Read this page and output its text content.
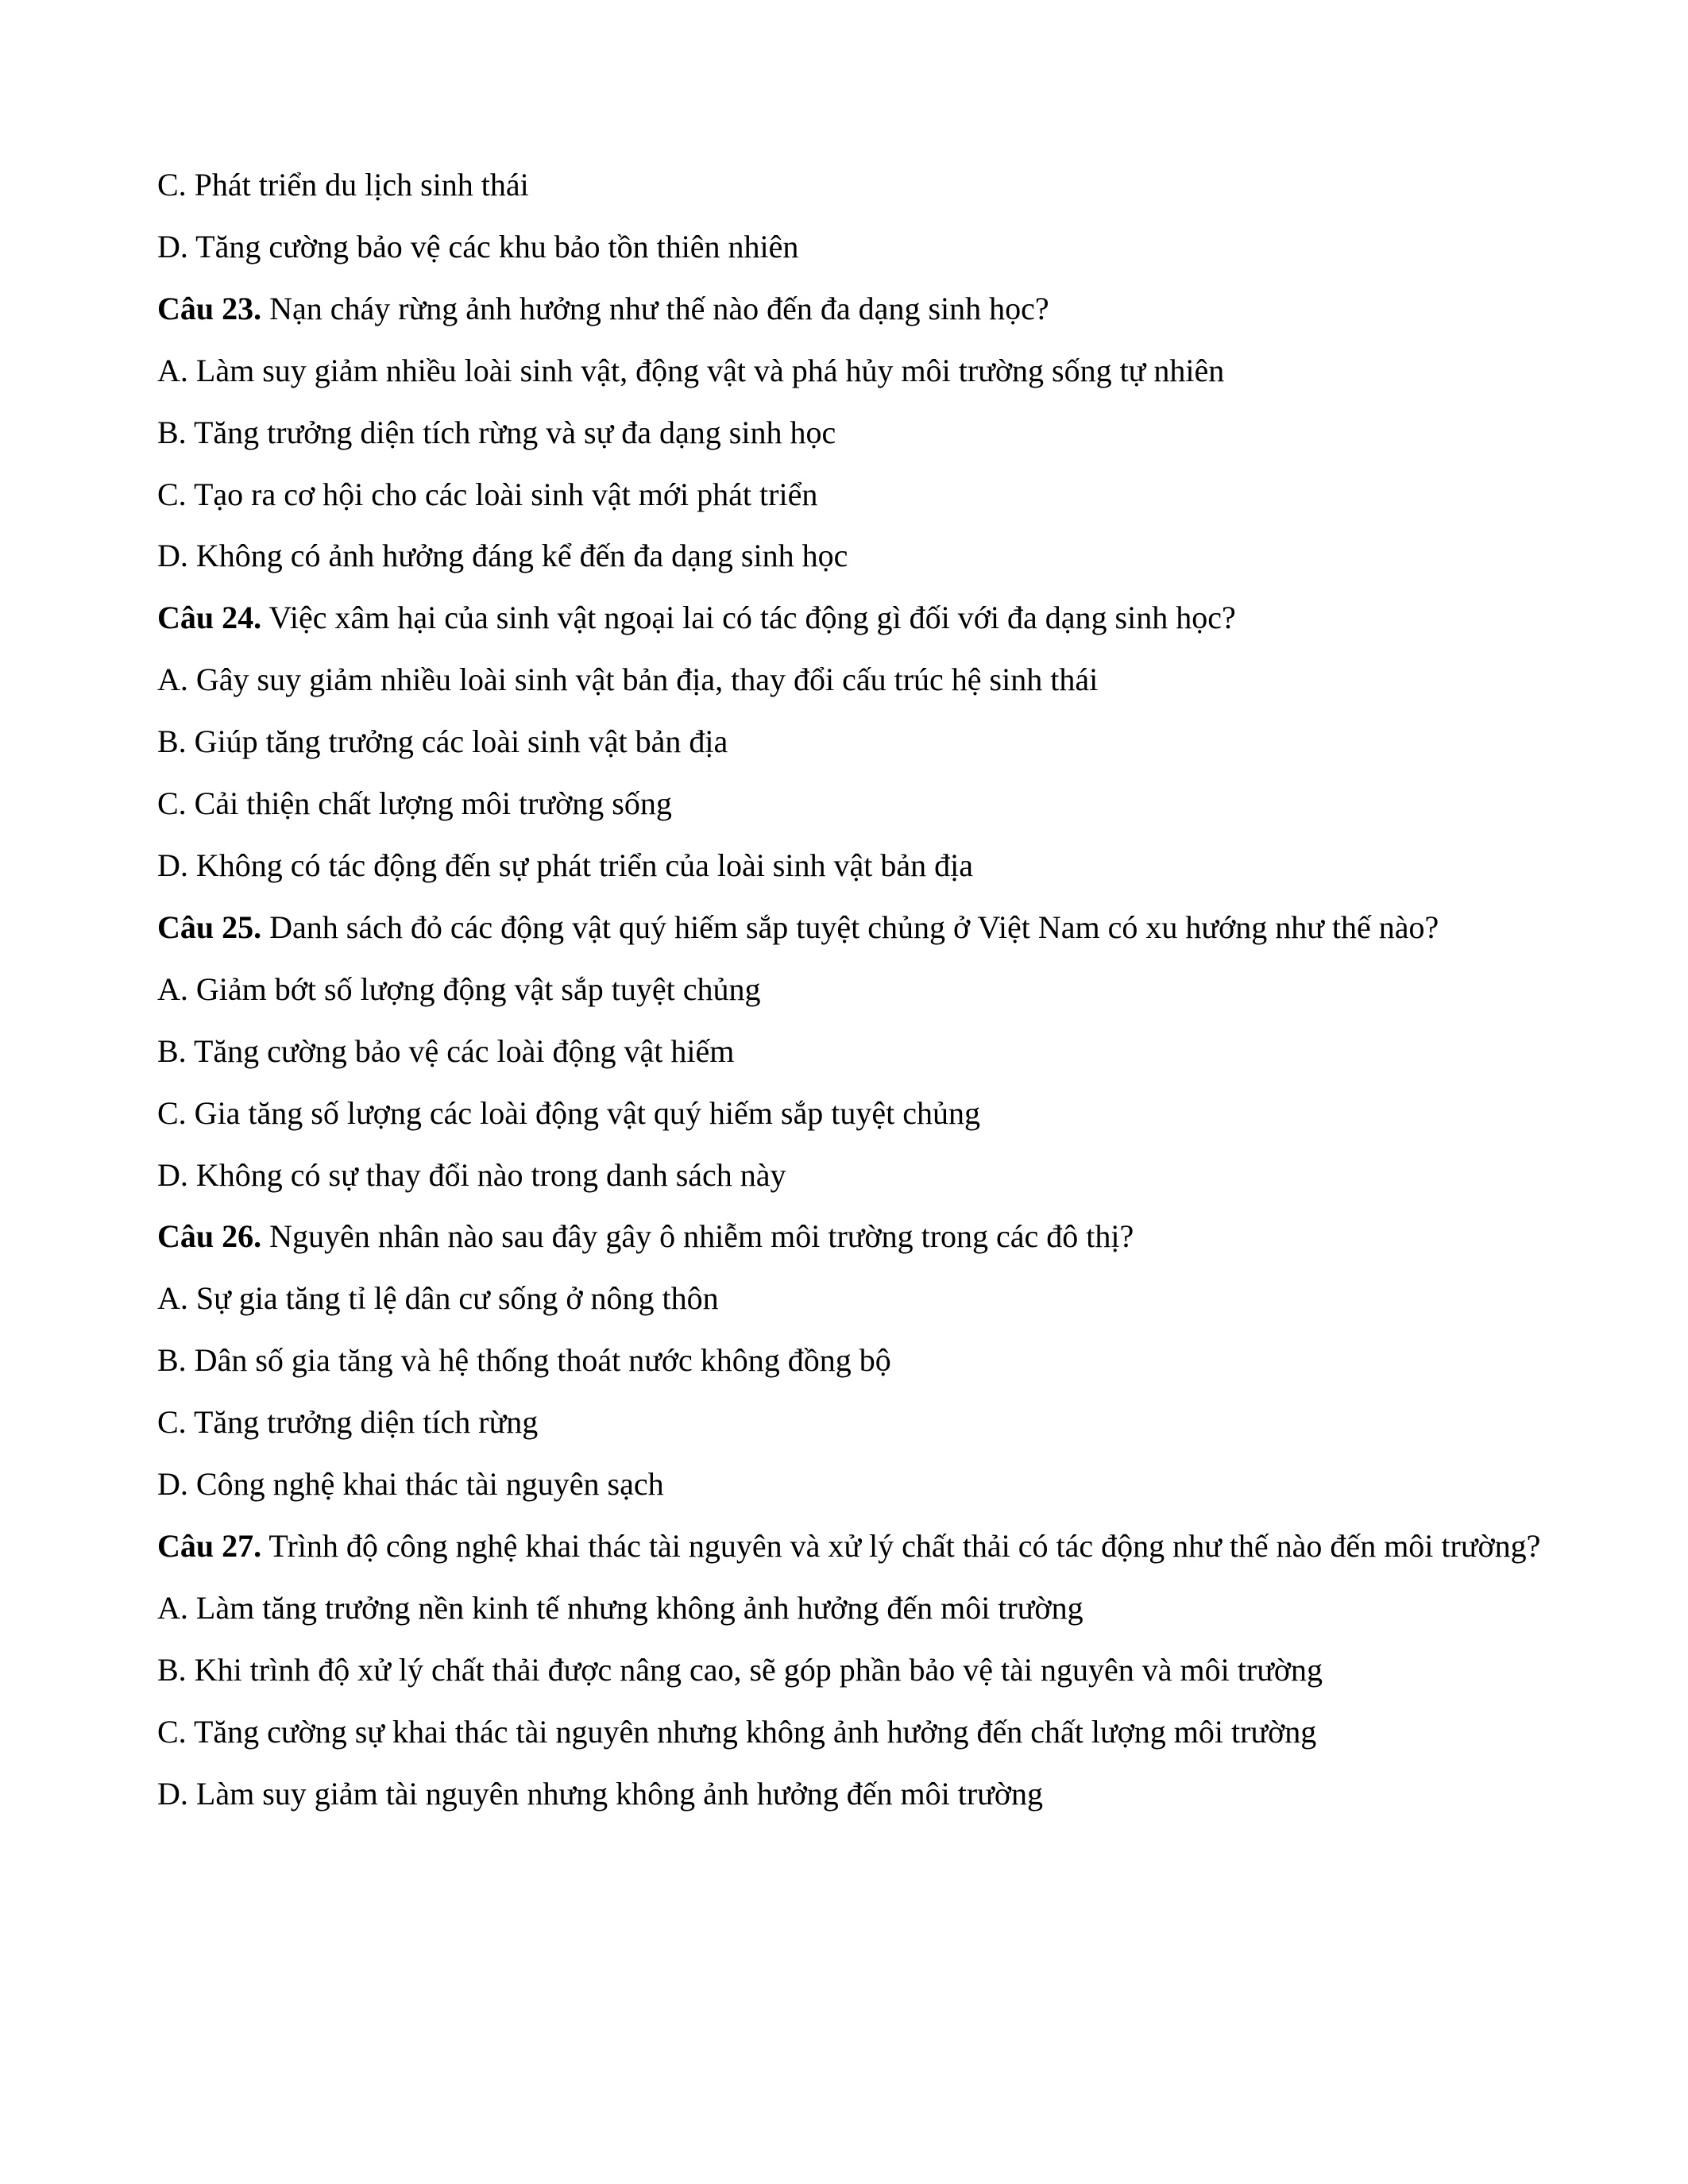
C. Phát triển du lịch sinh thái

D. Tăng cường bảo vệ các khu bảo tồn thiên nhiên

Câu 23. Nạn cháy rừng ảnh hưởng như thế nào đến đa dạng sinh học?

A. Làm suy giảm nhiều loài sinh vật, động vật và phá hủy môi trường sống tự nhiên

B. Tăng trưởng diện tích rừng và sự đa dạng sinh học

C. Tạo ra cơ hội cho các loài sinh vật mới phát triển

D. Không có ảnh hưởng đáng kể đến đa dạng sinh học

Câu 24. Việc xâm hại của sinh vật ngoại lai có tác động gì đối với đa dạng sinh học?

A. Gây suy giảm nhiều loài sinh vật bản địa, thay đổi cấu trúc hệ sinh thái

B. Giúp tăng trưởng các loài sinh vật bản địa

C. Cải thiện chất lượng môi trường sống

D. Không có tác động đến sự phát triển của loài sinh vật bản địa

Câu 25. Danh sách đỏ các động vật quý hiếm sắp tuyệt chủng ở Việt Nam có xu hướng như thế nào?

A. Giảm bớt số lượng động vật sắp tuyệt chủng

B. Tăng cường bảo vệ các loài động vật hiếm

C. Gia tăng số lượng các loài động vật quý hiếm sắp tuyệt chủng

D. Không có sự thay đổi nào trong danh sách này

Câu 26. Nguyên nhân nào sau đây gây ô nhiễm môi trường trong các đô thị?

A. Sự gia tăng tỉ lệ dân cư sống ở nông thôn

B. Dân số gia tăng và hệ thống thoát nước không đồng bộ

C. Tăng trưởng diện tích rừng

D. Công nghệ khai thác tài nguyên sạch

Câu 27. Trình độ công nghệ khai thác tài nguyên và xử lý chất thải có tác động như thế nào đến môi trường?

A. Làm tăng trưởng nền kinh tế nhưng không ảnh hưởng đến môi trường

B. Khi trình độ xử lý chất thải được nâng cao, sẽ góp phần bảo vệ tài nguyên và môi trường

C. Tăng cường sự khai thác tài nguyên nhưng không ảnh hưởng đến chất lượng môi trường

D. Làm suy giảm tài nguyên nhưng không ảnh hưởng đến môi trường
